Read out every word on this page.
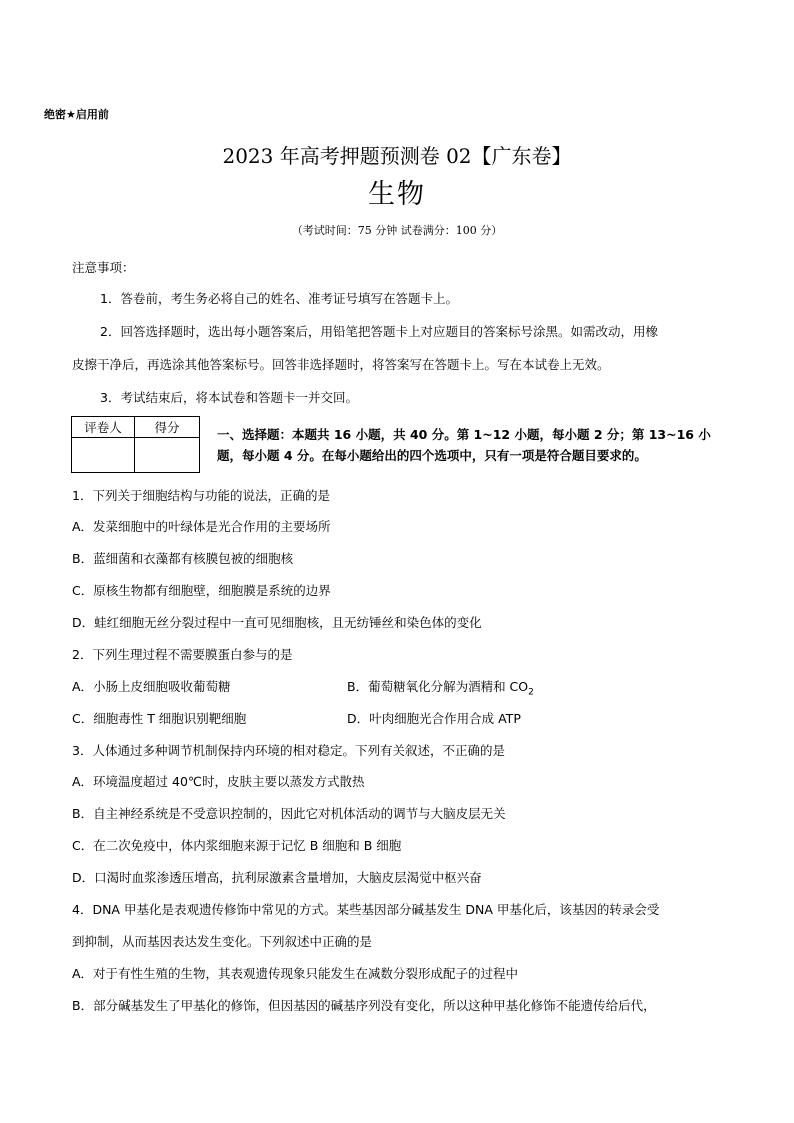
绝密★启用前
2023 年高考押题预测卷 02【广东卷】
生物
（考试时间：75 分钟 试卷满分：100 分）
注意事项：
1．答卷前，考生务必将自己的姓名、准考证号填写在答题卡上。
2．回答选择题时，选出每小题答案后，用铅笔把答题卡上对应题目的答案标号涂黑。如需改动，用橡
皮擦干净后，再选涂其他答案标号。回答非选择题时，将答案写在答题卡上。写在本试卷上无效。
3．考试结束后，将本试卷和答题卡一并交回。
评卷人	得分
		一、选择题：本题共 16 小题，共 40 分。第 1~12 小题，每小题 2 分；第 13~16 小题，每小题 4 分。在每小题给出的四个选项中，只有一项是符合题目要求的。
1．下列关于细胞结构与功能的说法，正确的是
A．发菜细胞中的叶绿体是光合作用的主要场所
B．蓝细菌和衣藻都有核膜包被的细胞核
C．原核生物都有细胞壁，细胞膜是系统的边界
D．蛙红细胞无丝分裂过程中一直可见细胞核，且无纺锤丝和染色体的变化
2．下列生理过程不需要膜蛋白参与的是
A．小肠上皮细胞吸收葡萄糖	B．葡萄糖氧化分解为酒精和 $CO_2$
C．细胞毒性 T 细胞识别靶细胞	D．叶肉细胞光合作用合成 ATP
3．人体通过多种调节机制保持内环境的相对稳定。下列有关叙述，不正确的是
A．环境温度超过 40℃时，皮肤主要以蒸发方式散热
B．自主神经系统是不受意识控制的，因此它对机体活动的调节与大脑皮层无关
C．在二次免疫中，体内浆细胞来源于记忆 B 细胞和 B 细胞
D．口渴时血浆渗透压增高，抗利尿激素含量增加，大脑皮层渴觉中枢兴奋
4．DNA 甲基化是表观遗传修饰中常见的方式。某些基因部分碱基发生 DNA 甲基化后，该基因的转录会受
到抑制，从而基因表达发生变化。下列叙述中正确的是
A．对于有性生殖的生物，其表观遗传现象只能发生在减数分裂形成配子的过程中
B．部分碱基发生了甲基化的修饰，但因基因的碱基序列没有变化，所以这种甲基化修饰不能遗传给后代，
